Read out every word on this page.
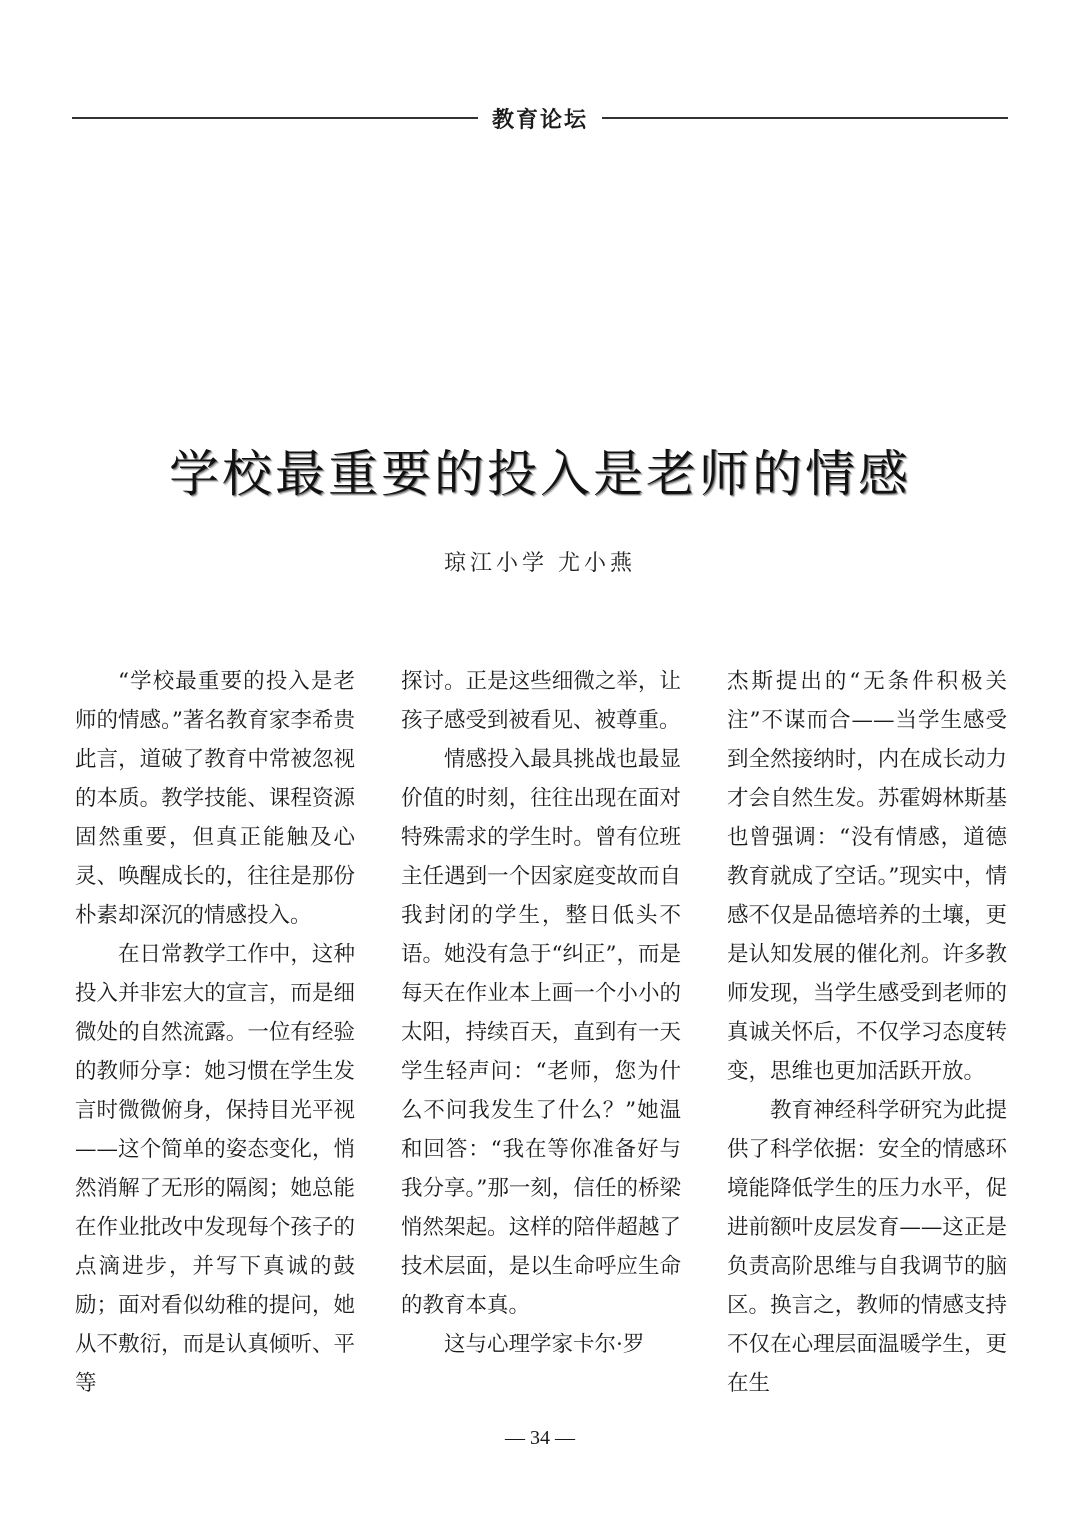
教育论坛
学校最重要的投入是老师的情感
琼江小学 尤小燕

“学校最重要的投入是老师的情感。”著名教育家李希贵此言，道破了教育中常被忽视的本质。教学技能、课程资源固然重要，但真正能触及心灵、唤醒成长的，往往是那份朴素却深沉的情感投入。

在日常教学工作中，这种投入并非宏大的宣言，而是细微处的自然流露。一位有经验的教师分享：她习惯在学生发言时微微俯身，保持目光平视——这个简单的姿态变化，悄然消解了无形的隔阂；她总能在作业批改中发现每个孩子的点滴进步，并写下真诚的鼓励；面对看似幼稚的提问，她从不敷衍，而是认真倾听、平等

探讨。正是这些细微之举，让孩子感受到被看见、被尊重。

情感投入最具挑战也最显价值的时刻，往往出现在面对特殊需求的学生时。曾有位班主任遇到一个因家庭变故而自我封闭的学生，整日低头不语。她没有急于“纠正”，而是每天在作业本上画一个小小的太阳，持续百天，直到有一天学生轻声问：“老师，您为什么不问我发生了什么？”她温和回答：“我在等你准备好与我分享。”那一刻，信任的桥梁悄然架起。这样的陪伴超越了技术层面，是以生命呼应生命的教育本真。

这与心理学家卡尔·罗

杰斯提出的“无条件积极关注”不谋而合——当学生感受到全然接纳时，内在成长动力才会自然生发。苏霍姆林斯基也曾强调：“没有情感，道德教育就成了空话。”现实中，情感不仅是品德培养的土壤，更是认知发展的催化剂。许多教师发现，当学生感受到老师的真诚关怀后，不仅学习态度转变，思维也更加活跃开放。

教育神经科学研究为此提供了科学依据：安全的情感环境能降低学生的压力水平，促进前额叶皮层发育——这正是负责高阶思维与自我调节的脑区。换言之，教师的情感支持不仅在心理层面温暖学生，更在生

— 34 —
